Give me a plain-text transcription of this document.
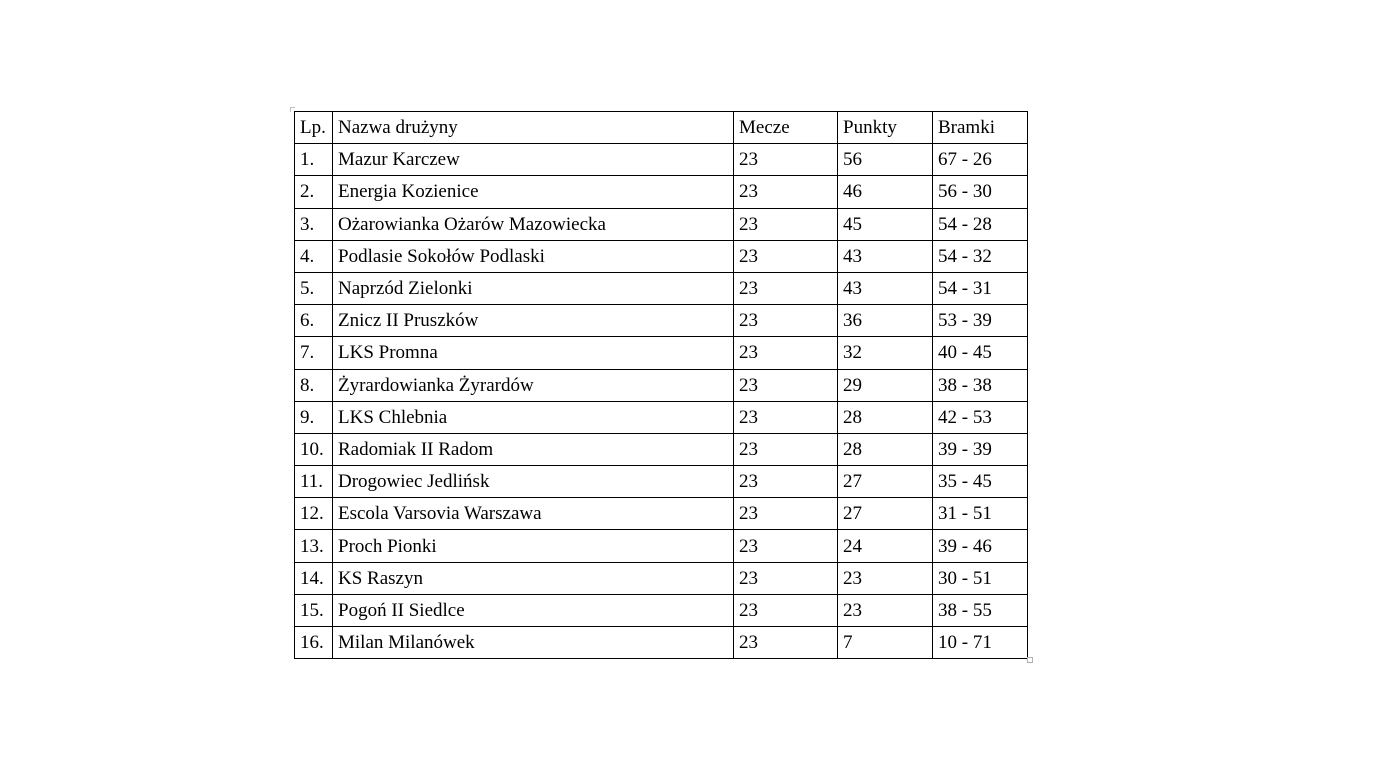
Lp.	Nazwa drużyny	Mecze	Punkty	Bramki
1.	Mazur Karczew	23	56	67 - 26
2.	Energia Kozienice	23	46	56 - 30
3.	Ożarowianka Ożarów Mazowiecka	23	45	54 - 28
4.	Podlasie Sokołów Podlaski	23	43	54 - 32
5.	Naprzód Zielonki	23	43	54 - 31
6.	Znicz II Pruszków	23	36	53 - 39
7.	LKS Promna	23	32	40 - 45
8.	Żyrardowianka Żyrardów	23	29	38 - 38
9.	LKS Chlebnia	23	28	42 - 53
10.	Radomiak II Radom	23	28	39 - 39
11.	Drogowiec Jedlińsk	23	27	35 - 45
12.	Escola Varsovia Warszawa	23	27	31 - 51
13.	Proch Pionki	23	24	39 - 46
14.	KS Raszyn	23	23	30 - 51
15.	Pogoń II Siedlce	23	23	38 - 55
16.	Milan Milanówek	23	7	10 - 71
